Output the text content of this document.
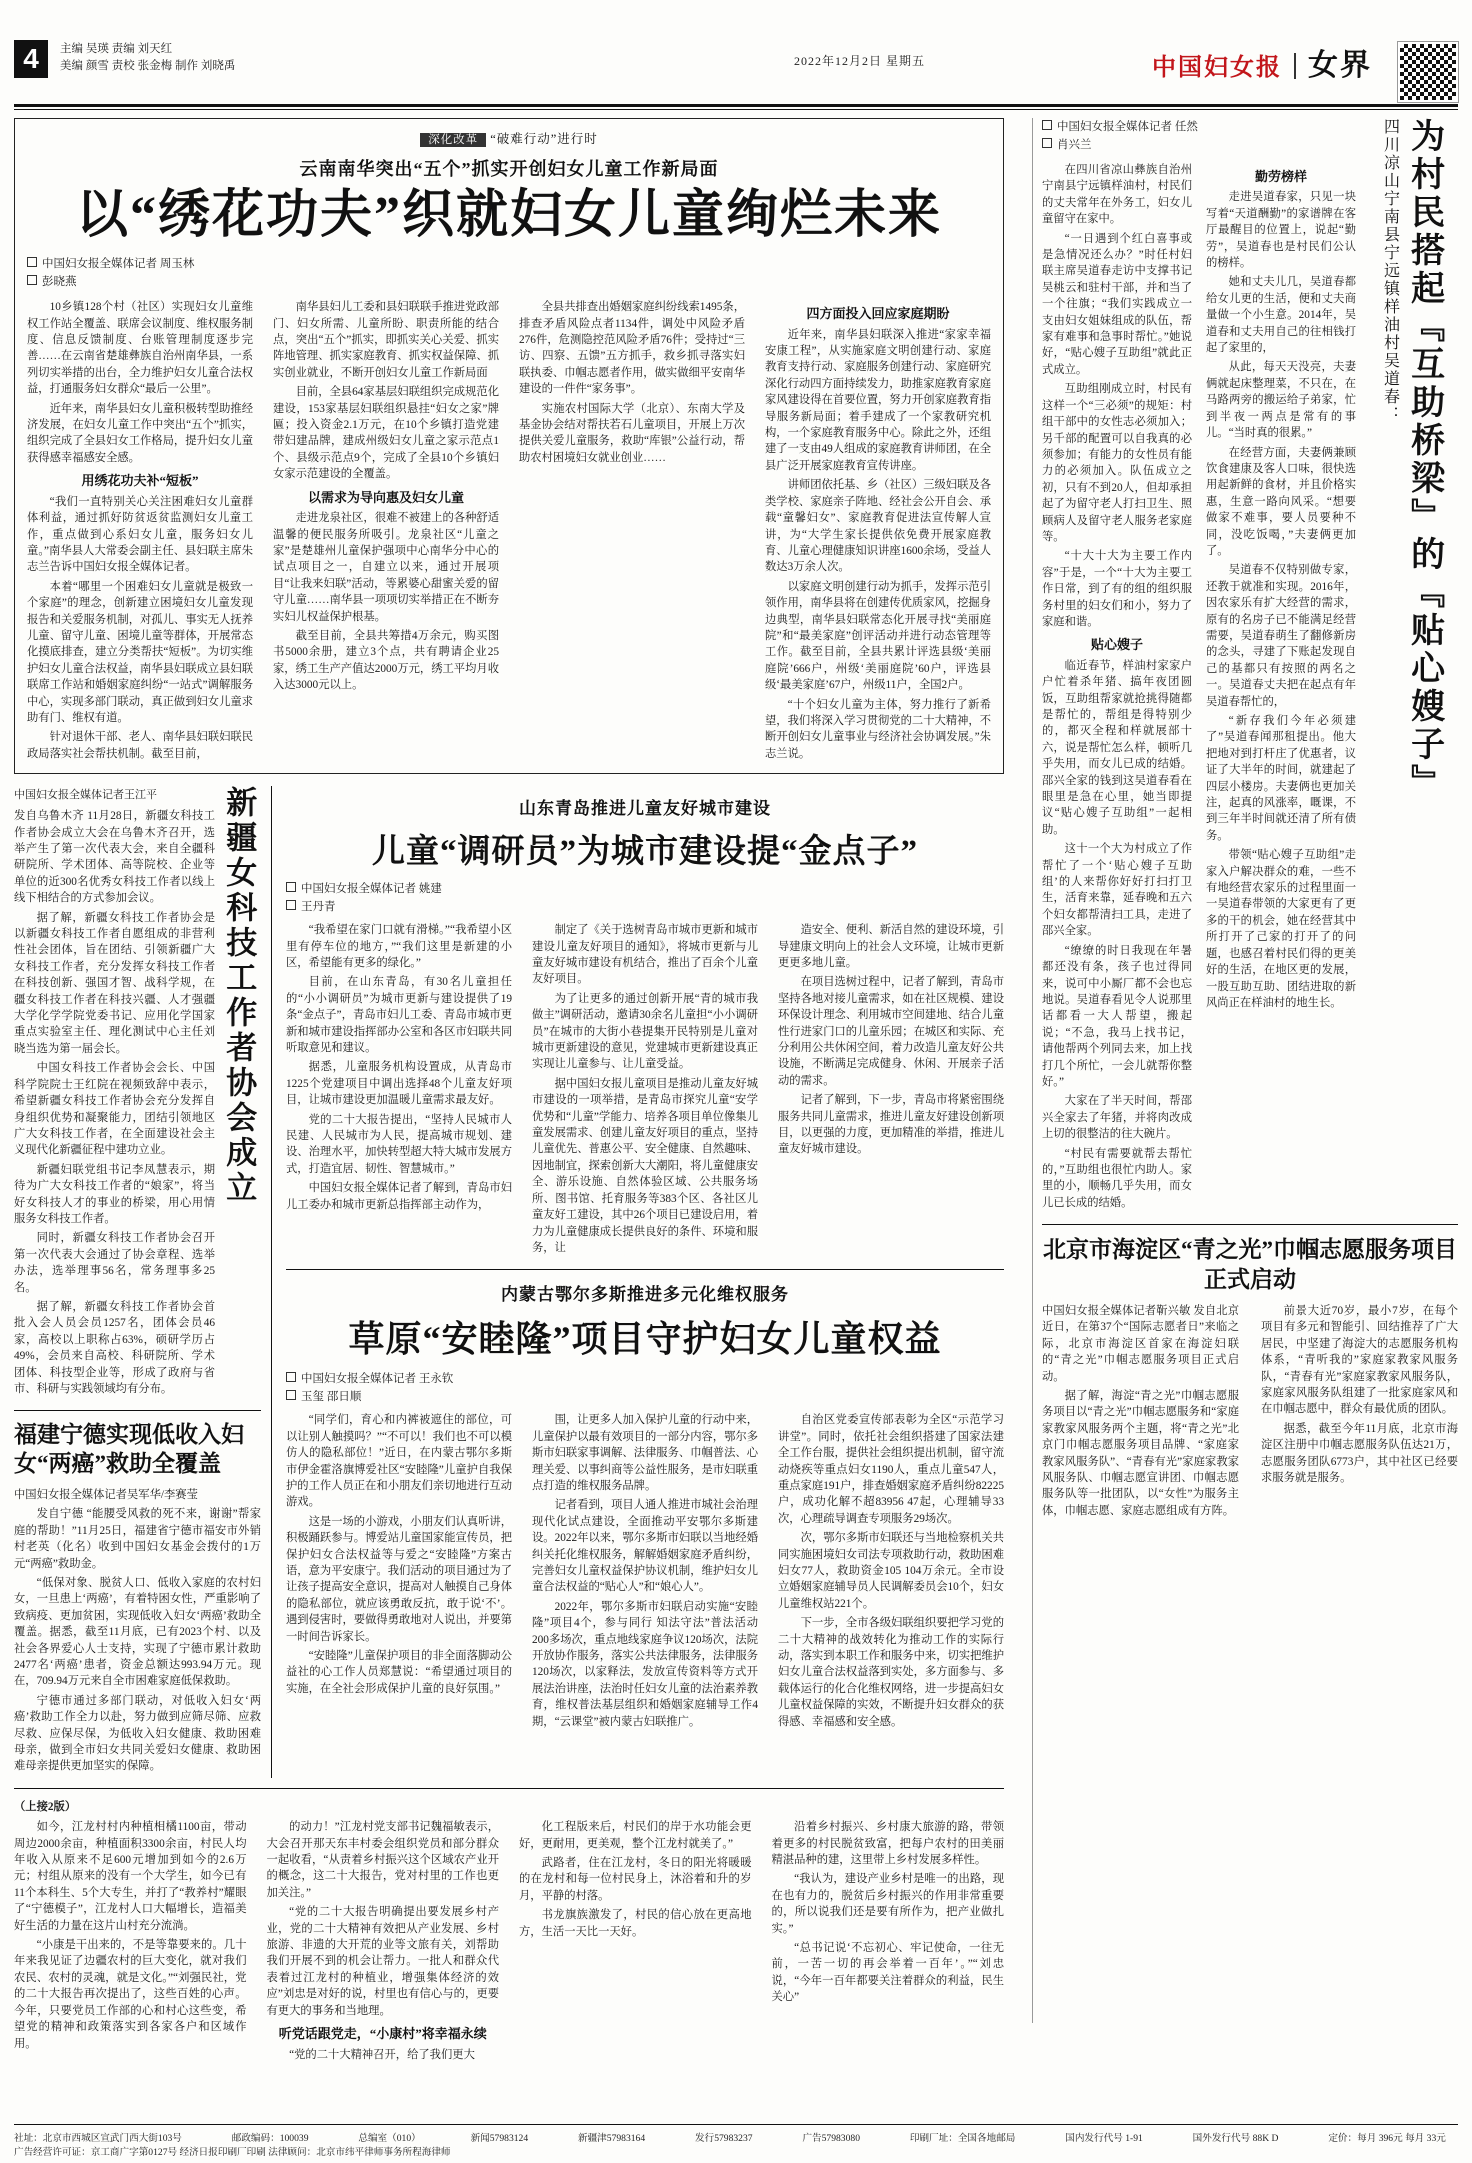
4	主编 吴瑛 责编 刘天红
美编 颜雪 责校 张金梅 制作 刘晓禹	2022年12月2日 星期五	中国妇女报 女界
深化改革 “破难行动”进行时
云南南华突出“五个”抓实开创妇女儿童工作新局面
以“绣花功夫”织就妇女儿童绚烂未来
中国妇女报全媒体记者 周玉林
彭晓燕

10乡镇128个村（社区）实现妇女儿童维权工作站全覆盖、联席会议制度、维权服务制度、信息反馈制度、台账管理制度逐步完善……在云南省楚雄彝族自治州南华县，一系列切实举措的出台，全力维护妇女儿童合法权益，打通服务妇女群众“最后一公里”。

近年来，南华县妇女儿童积极转型助推经济发展，在妇女儿童工作中突出“五个”抓实，组织完成了全县妇女工作格局，提升妇女儿童获得感幸福感安全感。

用绣花功夫补“短板”

“我们一直特别关心关注困难妇女儿童群体利益，通过抓好防贫返贫监测妇女儿童工作，重点做到心系妇女儿童，服务妇女儿童。”南华县人大常委会副主任、县妇联主席朱志兰告诉中国妇女报全媒体记者。

本着“哪里一个困难妇女儿童就是极致一个家庭”的理念，创新建立困境妇女儿童发现报告和关爱服务机制，对孤儿、事实无人抚养儿童、留守儿童、困境儿童等群体，开展常态化摸底排查，建立分类帮扶“短板”。为切实维护妇女儿童合法权益，南华县妇联成立县妇联联席工作站和婚姻家庭纠纷“一站式”调解服务中心，实现多部门联动，真正做到妇女儿童求助有门、维权有道。

针对退休干部、老人、南华县妇联妇联民政局落实社会帮扶机制。截至目前，

南华县妇儿工委和县妇联联手推进党政部门、妇女所需、儿童所盼、职责所能的结合点，突出“五个”抓实，即抓实关心关爱、抓实阵地管理、抓实家庭教育、抓实权益保障、抓实创业就业，不断开创妇女儿童工作新局面

目前，全县64家基层妇联组织完成规范化建设，153家基层妇联组织悬挂“妇女之家”牌匾；投入资金2.1万元，在10个乡镇打造党建带妇建品牌，建成州级妇女儿童之家示范点1个、县级示范点9个，完成了全县10个乡镇妇女家示范建设的全覆盖。

以需求为导向惠及妇女儿童

走进龙泉社区，很难不被建上的各种舒适温馨的便民服务所吸引。龙泉社区“儿童之家”是楚雄州儿童保护强项中心南华分中心的试点项目之一，自建立以来，通过开展项目“让我来妇联”活动，等累婆心甜蜜关爱的留守儿童……南华县一项项切实举措正在不断夯实妇儿权益保护根基。

截至目前，全县共筹措4万余元，购买图书5000余册，建立3个点，共有聘请企业25家，绣工生产产值达2000万元，绣工平均月收入达3000元以上。

全县共排查出婚姻家庭纠纷线索1495条，排查矛盾风险点者1134件，调处中风险矛盾276件，危测隐控范风险矛盾76件；受持过“三访、四察、五馈”五方抓手，救乡抓寻落实妇联执委、巾帼志愿者作用，做实做细平安南华建设的一件件“家务事”。

实施农村国际大学（北京）、东南大学及基金协会结对帮扶若石儿童项目，开展上万次提供关爱儿童服务，救助“库银”公益行动，帮助农村困境妇女就业创业……

四方面投入回应家庭期盼

近年来，南华县妇联深入推进“家家幸福安康工程”，从实施家庭文明创建行动、家庭教育支持行动、家庭服务创建行动、家庭研究深化行动四方面持续发力，助推家庭教育家庭家风建设得在首要位置，努力开创家庭教育指导服务新局面；着手建成了一个家教研究机构，一个家庭教育服务中心。除此之外，还组建了一支由49人组成的家庭教育讲师团，在全县广泛开展家庭教育宣传讲座。

讲师团依托基、乡（社区）三级妇联及各类学校、家庭亲子阵地、经社会公开自会、承载“童馨妇女”、家庭教育促进法宣传解人宣讲，为“大学生家长提供依免费开展家庭教育、儿童心理健康知识讲座1600余场，受益人数达3万余人次。

以家庭文明创建行动为抓手，发挥示范引领作用，南华县将在创建传优质家风，挖掘身边典型，南华县妇联常态化开展寻找“美丽庭院”和“最美家庭”创评活动并进行动态管理等工作。截至目前，全县共累计评选县级‘美丽庭院’666户，州级‘美丽庭院’60户，评选县级‘最美家庭’67户，州级11户，全国2户。

“十个妇女儿童为主体，努力推行了新希望，我们将深入学习贯彻党的二十大精神，不断开创妇女儿童事业与经济社会协调发展。”朱志兰说。

中国妇女报全媒体记者王江平

发自乌鲁木齐 11月28日，新疆女科技工作者协会成立大会在乌鲁木齐召开，选举产生了第一次代表大会，来自全疆科研院所、学术团体、高等院校、企业等单位的近300名优秀女科技工作者以线上线下相结合的方式参加会议。

据了解，新疆女科技工作者协会是以新疆女科技工作者自愿组成的非营利性社会团体，旨在团结、引领新疆广大女科技工作者，充分发挥女科技工作者在科技创新、强国才智、战科学规，在疆女科技工作者在科技兴疆、人才强疆大学化学学院党委书记、应用化学国家重点实验室主任、理化测试中心主任刘晓当选为第一届会长。

中国女科技工作者协会会长、中国科学院院士王红院在视频致辞中表示，希望新疆女科技工作者协会充分发挥自身组织优势和凝聚能力，团结引领地区广大女科技工作者，在全面建设社会主义现代化新疆征程中建功立业。

新疆妇联党组书记李凤慧表示，期待为广大女科技工作者的“娘家”，将当好女科技人才的事业的桥梁，用心用情服务女科技工作者。

同时，新疆女科技工作者协会召开第一次代表大会通过了协会章程、选举办法，选举理事56名，常务理事多25名。

据了解，新疆女科技工作者协会首批入会人员会员1257名，团体会员46家，高校以上职称占63%，硕研学历占49%，会员来自高校、科研院所、学术团体、科技型企业等，形成了政府与省市、科研与实践领域均有分布。

新疆女科技工作者协会成立
福建宁德实现低收入妇女“两癌”救助全覆盖

中国妇女报全媒体记者吴军华/李赛莹

发自宁德 “能腰受风救的死不来，谢谢”帮家庭的帮助！”11月25日，福建省宁德市福安市外销村老英（化名）收到中国妇女基金会拨付的1万元“两癌”救助金。

“低保对象、脱贫人口、低收入家庭的农村妇女，一旦患上‘两癌’，有着特困女性，严重影响了致病疫、更加贫困，实现低收入妇女‘两癌’救助全覆盖。据悉，截至11月底，已有2023个村、以及社会各界爱心人士支持，实现了宁德市累计救助2477名‘两癌’患者，资金总额达993.94万元。现在，709.94万元来自全市困难家庭低保救助。

宁德市通过多部门联动，对低收入妇女‘两癌’救助工作全力以赴，努力做到应筛尽筛、应救尽救、应保尽保，为低收入妇女健康、救助困难母亲，做到全市妇女共同关爱妇女健康、救助困难母亲提供更加坚实的保障。

山东青岛推进儿童友好城市建设
儿童“调研员”为城市建设提“金点子”
中国妇女报全媒体记者 姚建
王丹青

“我希望在家门口就有滑梯。”“我希望小区里有停车位的地方，”“我们这里是新建的小区，希望能有更多的绿化。”

目前，在山东青岛，有30名儿童担任的“小小调研员”为城市更新与建设提供了19条“金点子”，青岛市妇儿工委、青岛市城市更新和城市建设指挥部办公室和各区市妇联共同听取意见和建议。

据悉，儿童服务机构设置成，从青岛市1225个党建项目中调出选择48个儿童友好项目，让城市建设更加温暖儿童需求最友好。

党的二十大报告提出，“坚持人民城市人民建、人民城市为人民，提高城市规划、建设、治理水平，加快转型超大特大城市发展方式，打造宜居、韧性、智慧城市。”

中国妇女报全媒体记者了解到，青岛市妇儿工委办和城市更新总指挥部主动作为，

制定了《关于选树青岛市城市更新和城市建设儿童友好项目的通知》，将城市更新与儿童友好城市建设有机结合，推出了百余个儿童友好项目。

为了让更多的通过创新开展“青的城市我做主”调研活动，邀请30余名儿童担“小小调研员”在城市的大街小巷提集开民特别是儿童对城市更新建设的意见，党建城市更新建设真正实现让儿童参与、让儿童受益。

据中国妇女报儿童项目是推动儿童友好城市建设的一项举措，是青岛市探究儿童“安学优势和“儿童”学能力、培养各项目单位像集儿童发展需求、创建儿童友好项目的重点，坚持儿童优先、普惠公平、安全健康、自然趣味、因地制宜，探索创新大大潮阳，将儿童健康安全、游乐设施、自然体验区域、公共服务场所、图书馆、托育服务等383个区、各社区儿童友好工建设，其中26个项目已建设启用，着力为儿童健康成长提供良好的条件、环境和服务，让

造安全、便利、新活自然的建设环境，引导建康文明向上的社会人文环境，让城市更新更更多地儿童。

在项目选树过程中，记者了解到，青岛市坚持各地对接儿童需求，如在社区规模、建设环保设计理念、利用城市空间建地、结合儿童性行进家门口的儿童乐园；在城区和实际、充分利用公共休闲空间，着力改造儿童友好公共设施，不断满足完成健身、休闲、开展亲子活动的需求。

记者了解到，下一步，青岛市将紧密围绕服务共同儿童需求，推进儿童友好建设创新项目，以更强的力度，更加精准的举措，推进儿童友好城市建设。

内蒙古鄂尔多斯推进多元化维权服务
草原“安睦隆”项目守护妇女儿童权益
中国妇女报全媒体记者 王永钦
玉玺 邵日顺

“同学们，育心和内裤被遮住的部位，可以让别人触摸吗？”“不可以！我们也不可以模仿人的隐私部位！”近日，在内蒙古鄂尔多斯市伊金霍洛旗博爱社区“安睦隆”儿童护自我保护的工作人员正在和小朋友们亲切地进行互动游戏。

这是一场的小游戏，小朋友们认真听讲，积极踊跃参与。博爱站儿童国家能宣传员，把保护妇女合法权益等与爱之“安睦隆”方案古语，意为平安康宁。我们活动的项目通过为了让孩子提高安全意识，提高对人触摸自己身体的隐私部位，就应该勇敢反抗，敢于说‘不’。遇到侵害时，要做得勇敢地对人说出，并要第一时间告诉家长。

“安睦隆”儿童保护项目的非全面落脚动公益社的心工作人员郑慧说：“希望通过项目的实施，在全社会形成保护儿童的良好氛围。”

围，让更多人加入保护儿童的行动中来，儿童保护以最有效项目的一部分内容，鄂尔多斯市妇联家事调解、法律服务、巾帼普法、心理关爱、以事纠商等公益性服务，是市妇联重点打造的维权服务品牌。

记者看到，项目人通人推进市城社会治理现代化试点建设，全面推动平安鄂尔多斯建设。2022年以来，鄂尔多斯市妇联以当地经婚纠关托化维权服务，解解婚姻家庭矛盾纠纷，完善妇女儿童权益保护协议机制，维护妇女儿童合法权益的“贴心人”和“娘心人”。

2022年，鄂尔多斯市妇联启动实施“安睦隆”项目4个，参与同行 知法守法”普法活动200多场次，重点地线家庭争议120场次，法院开放协作服务，落实公共法律服务，法律服务120场次，以家释法，发放宣传资料等方式开展法治讲座，法治时任妇女儿童的法治素养教育，维权普法基层组织和婚姻家庭辅导工作4期，“云课堂”被内蒙古妇联推广。

自治区党委宣传部表彰为全区“示范学习讲堂”。同时，依托社会组织搭建了国家法建全工作台服，提供社会组织提出机制，留守流动烧疾等重点妇女1190人，重点儿童547人，重点家庭191户，排查婚姻家庭矛盾纠纷82225户，成功化解不超83956 47起，心理辅导33次，心理疏导调查专项服务29场次。

次，鄂尔多斯市妇联还与当地检察机关共同实施困境妇女司法专项救助行动，救助困难妇女77人，救助资金105 104万余元。全市设立婚姻家庭辅导员人民调解委员会10个，妇女儿童维权站221个。

下一步，全市各级妇联组织要把学习党的二十大精神的战效转化为推动工作的实际行动，落实到本职工作和服务中来，切实把维护妇女儿童合法权益落到实处，多方面参与、多载体运行的化合化维权网络，进一步提高妇女儿童权益保障的实效，不断提升妇女群众的获得感、幸福感和安全感。

（上接2版）

如今，江龙村村内种植相橘1100亩，带动周边2000余亩，种植面积3300余亩，村民人均年收入从原来不足600元增加到如今的2.6万元；村组从原来的没有一个大学生，如今已有11个本科生、5个大专生，并打了“教养村”耀眼了“宁德模子”，江龙村人口大幅增长，造福美好生活的力量在这片山村充分流淌。

“小康是干出来的，不是等靠要来的。几十年来我见证了边疆农村的巨大变化，就对我们农民、农村的灵魂，就是文化。”“刘强民社，党的二十大报告再次提出了，这些百姓的心声。今年，只要党员工作部的心和村心这些变，希望党的精神和政策落实到各家各户和区域作用。

的动力！”江龙村党支部书记魏福敏表示，大会召开那天东丰村委会组织党员和部分群众一起收看，“从责着乡村振兴这个区域农产业开的概念，这二十大报告，党对村里的工作也更加关注。”

“党的二十大报告明确提出要发展乡村产业，党的二十大精神有效把从产业发展、乡村旅游、非遗的大开荒的业等文旅有关，刘帮助我们开展不到的机会让帮力。一批人和群众代表着过江龙村的种植业，增强集体经济的效应”刘忠是对好的说，村里也有信心与的，更要有更大的事务和当地理。

听党话跟党走，“小康村”将幸福永续

“党的二十大精神召开，给了我们更大

化工程版来后，村民们的岸于水功能会更好，更耐用，更美观，整个江龙村就美了。”

武路者，住在江龙村，冬日的阳光将暖暖的在龙村和每一位村民身上，沐浴着和升的岁月，平静的村落。

书龙旗族激发了，村民的信心放在更高地方，生活一天比一天好。

沿着乡村振兴、乡村康大旅游的路，带领着更多的村民脱贫致富，把每户农村的田美丽精湛品种的建，这里带上乡村发展多样性。

“我认为，建设产业乡村是唯一的出路，现在也有力的，脱贫后乡村振兴的作用非常重要的，所以说我们还是要有所作为，把产业做扎实。”

“总书记说‘不忘初心、牢记使命，一往无前，一苦一切的再会举着一百年’。”“刘忠说，“今年一百年都要关注着群众的利益，民生关心”

中国妇女报全媒体记者 任然
肖兴兰

在四川省凉山彝族自治州宁南县宁远镇样油村，村民们的丈夫常年在外务工，妇女儿童留守在家中。

“一日遇到个红白喜事或是急情况还么办？”时任村妇联主席吴道春走访中支撑书记吴桃云和驻村干部，并和当了一个往旗；“我们实践成立一支由妇女姐妹组成的队伍，帮家有难事和急事时帮忙。”她说好，“贴心嫂子互助组”就此正式成立。

互助组刚成立时，村民有这样一个“三必须”的规矩：村组干部中的女性志必须加入；另千部的配置可以自我真的必须参加；有能力的女性员有能力的必须加入。队伍成立之初，只有不到20人，但却承担起了为留守老人打扫卫生、照顾病人及留守老人服务老家庭等。

“十大十大为主要工作内容”于是，一个“十大为主要工作日常，到了有的组的组织服务村里的妇女们和小，努力了家庭和谐。

贴心嫂子

临近春节，样油村家家户户忙着杀年猪、搞年夜团圆饭，互助组帮家就抢挑得随都是帮忙的，帮组是得特别少的，都灭全程和样就展部十六，说是帮忙怎么样，顿听几乎失用，而女儿已成的结婚。邵兴全家的钱到这吴道春看在眼里是急在心里，她当即提议“贴心嫂子互助组”一起相助。

这十一个大为村成立了作帮忙了一个‘贴心嫂子互助组’的人来帮你好好打扫打卫生，活育来靠，延春晚和五六个妇女都帮清扫工具，走进了邵兴全家。

“缭缭的时日我现在年暑都还没有条，孩子也过得同来，说可中小厮厂都不会也忘地说。吴道春看见令人说那里话都看一大人帮望，搬起说；“不急，我马上找书记，请他帮两个列同去来，加上找打几个所忙，一会儿就帮你整好。”

大家在了半天时间，帮邵兴全家去了年猪，并将肉改成上切的很整洁的往大碗片。

“村民有需要就帮去帮忙的，”互助组也很忙内助人。家里的小，顺畅几乎失用，而女儿已长成的结婚。

勤劳榜样

走进吴道春家，只见一块写着“天道酬勤”的家谱牌在客厅最醒目的位置上，说起“勤劳”，吴道春也是村民们公认的榜样。

她和丈夫儿几，吴道春都给女儿更的生活，便和丈夫商量做一个小生意。2014年，吴道春和丈夫用自己的往相钱打起了家里的，

从此，每天天没亮，夫妻俩就起床整理菜，不只在，在马路两旁的搬运给子弟家，忙到半夜一两点是常有的事儿。“当时真的很累。”

在经营方面，夫妻俩兼顾饮食建康及客人口味，很快选用起新鲜的食材，并且价格实惠，生意一路向风采。“想要做家不难事，要人员要种不同，没吃饭喝，”夫妻俩更加了。

吴道春不仅特别做专家，还教于就准和实现。2016年，因农家乐有扩大经营的需求，原有的名房子已不能满足经营需要，吴道春萌生了翻修新房的念头，寻建了下账起发现自己的基都只有按照的两名之一。吴道春丈夫把在起点有年吴道春帮忙的，

“新存我们今年必须建了”吴道春闻那租提出。他大把地对到打杆庄了优惠者，议证了大半年的时间，就建起了四层小楼房。夫妻俩也更加关注，起真的风涨率，嘅课，不到三年半时间就还清了所有债务。

带领“贴心嫂子互助组”走家入户解决群众的难，一些不有地经营农家乐的过程里面一一吴道春带领的大家更有了更多的干的机会，她在经营其中所打开了己家的打开了的问题，也感召着村民们得的更美好的生活，在地区更的发展，一股互助互助、团结进取的新风尚正在样油村的地生长。

四川凉山宁南县宁远镇样油村吴道春： 为村民搭起『互助桥梁』的『贴心嫂子』
北京市海淀区“青之光”巾帼志愿服务项目正式启动

中国妇女报全媒体记者靳兴敏 发自北京 近日，在第37个“国际志愿者日”来临之际，北京市海淀区首家在海淀妇联的“青之光”巾帼志愿服务项目正式启动。

据了解，海淀“青之光”巾帼志愿服务项目以“青之光”巾帼志愿服务和“家庭家教家风服务两个主题，将“青之光”北京门巾帼志愿服务项目品牌、“家庭家教家风服务队”、“青春有光”家庭家教家风服务队、巾帼志愿宣讲团、巾帼志愿服务队等一批团队，以“女性”为服务主体，巾帼志愿、家庭志愿组成有方阵。

前景大近70岁，最小7岁，在每个项目有多元和智能引、回结推荐了广大居民，中坚建了海淀大的志愿服务机构体系，“青听我的”家庭家教家风服务队，“青春有光”家庭家教家风服务队，家庭家风服务队组建了一批家庭家风和在巾帼志愿中，群众有最优质的团队。

据悉，截至今年11月底，北京市海淀区注册中巾帼志愿服务队伍达21万，志愿服务团队6773户，其中社区已经要求服务就是服务。

社址：北京市西城区宣武门西大街103号	邮政编码：100039	总编室（010）	新闻57983124	新疆津57983164	发行57983237	广告57983080	印刷厂址：全国各地邮局	国内发行代号 1-91	国外发行代号 88K D	定价：每月 396元 每月 33元
广告经营许可证：京工商广字第0127号 经济日报印刷厂印刷 法律顾问：北京市纬平律师事务所程海律师
